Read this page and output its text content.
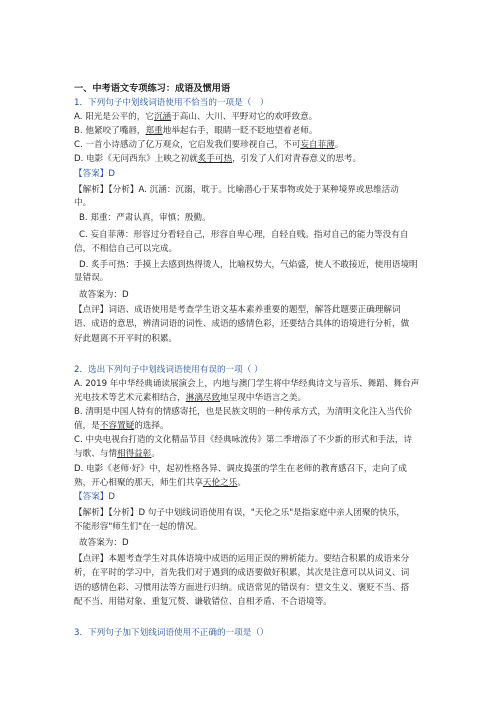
一、中考语文专项练习：成语及惯用语
1．下列句子中划线词语使用不恰当的一项是（　）
A. 阳光是公平的，它沉涵于高山、大川、平野对它的欢呼致意。
B. 他紧咬了嘴唇，郑重地举起右手，眼睛一眨不眨地望着老师。
C. 一首小诗感动了亿万观众，它启发我们要珍视自己，不可妄自菲薄。
D. 电影《无问西东》上映之初就炙手可热，引发了人们对青春意义的思考。
【答案】D
【解析】【分析】A. 沉涵：沉溺，耽于。比喻潜心于某事物或处于某种境界或思维活动
中。
B. 郑重：严肃认真，审慎；殷勤。
C. 妄自菲薄：形容过分看轻自己，形容自卑心理，自轻自贱。指对自己的能力等没有自
信，不相信自己可以完成。
D. 炙手可热：手摸上去感到热得烫人，比喻权势大，气焰盛，使人不敢接近，使用语境明
显错误。
故答案为：D
【点评】词语、成语使用是考查学生语文基本素养重要的题型，解答此题要正确理解词
语、成语的意思，辨清词语的词性、成语的感情色彩，还要结合具体的语境进行分析，做
好此题离不开平时的积累。
2．选出下列句子中划线词语使用有误的一项（ ）
A. 2019 年中华经典诵读展演会上，内地与澳门学生将中华经典诗文与音乐、舞蹈、舞台声
光电技术等艺术元素相结合，淋漓尽致地呈现中华语言之美。
B. 清明是中国人特有的情感寄托，也是民族文明的一种传承方式，为清明文化注入当代价
值，是不容置疑的选择。
C. 中央电视台打造的文化精品节目《经典咏流传》第二季增添了不少新的形式和手法，诗
与歌、与情相得益彰。
D. 电影《老师·好》中，起初性格各异、调皮捣蛋的学生在老师的教育感召下，走向了成
熟，开心相聚的那天，师生们共享天伦之乐。
【答案】D
【解析】【分析】D 句子中划线词语使用有误，"天伦之乐"是指家庭中亲人团聚的快乐，
不能形容"师生们"在一起的情况。
故答案为：D
【点评】本题考查学生对具体语境中成语的运用正误的辨析能力。要结合积累的成语来分
析，在平时的学习中，首先我们对于遇到的成语要做好积累，其次是注意可以从词义、词
语的感情色彩、习惯用法等方面进行归纳。成语常见的错误有：望文生义、褒贬不当、搭
配不当、用错对象、重复冗赘、谦敬错位、自相矛盾、不合语境等。
3．下列句子加下划线词语使用不正确的一项是（）
